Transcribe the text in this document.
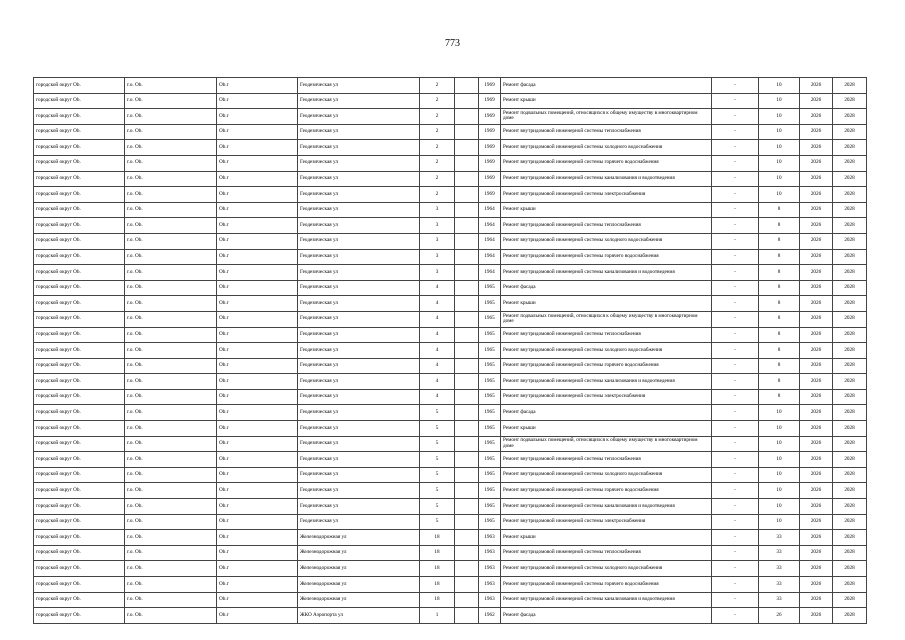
773
городской округ Ob.	г.о. Ob.	Ob.г	Геодезическая ул	2		1969	Ремонт фасада	-	10	2026	2028
городской округ Ob.	г.о. Ob.	Ob.г	Геодезическая ул	2		1969	Ремонт крыши	-	10	2026	2028
городской округ Ob.	г.о. Ob.	Ob.г	Геодезическая ул	2		1969	Ремонт подвальных помещений, относящихся к общему имуществу в многоквартирном доме	-	10	2026	2028
городской округ Ob.	г.о. Ob.	Ob.г	Геодезическая ул	2		1969	Ремонт внутридомовой инженерной системы теплоснабжения	-	10	2026	2028
городской округ Ob.	г.о. Ob.	Ob.г	Геодезическая ул	2		1969	Ремонт внутридомовой инженерной системы холодного водоснабжения	-	10	2026	2028
городской округ Ob.	г.о. Ob.	Ob.г	Геодезическая ул	2		1969	Ремонт внутридомовой инженерной системы горячего водоснабжения	-	10	2026	2028
городской округ Ob.	г.о. Ob.	Ob.г	Геодезическая ул	2		1969	Ремонт внутридомовой инженерной системы канализования и водоотведения	-	10	2026	2028
городской округ Ob.	г.о. Ob.	Ob.г	Геодезическая ул	2		1969	Ремонт внутридомовой инженерной системы электроснабжения	-	10	2026	2028
городской округ Ob.	г.о. Ob.	Ob.г	Геодезическая ул	3		1964	Ремонт крыши	-	8	2026	2028
городской округ Ob.	г.о. Ob.	Ob.г	Геодезическая ул	3		1964	Ремонт внутридомовой инженерной системы теплоснабжения	-	8	2026	2028
городской округ Ob.	г.о. Ob.	Ob.г	Геодезическая ул	3		1964	Ремонт внутридомовой инженерной системы холодного водоснабжения	-	8	2026	2028
городской округ Ob.	г.о. Ob.	Ob.г	Геодезическая ул	3		1964	Ремонт внутридомовой инженерной системы горячего водоснабжения	-	8	2026	2028
городской округ Ob.	г.о. Ob.	Ob.г	Геодезическая ул	3		1964	Ремонт внутридомовой инженерной системы канализования и водоотведения	-	8	2026	2028
городской округ Ob.	г.о. Ob.	Ob.г	Геодезическая ул	4		1965	Ремонт фасада	-	8	2026	2028
городской округ Ob.	г.о. Ob.	Ob.г	Геодезическая ул	4		1965	Ремонт крыши	-	8	2026	2028
городской округ Ob.	г.о. Ob.	Ob.г	Геодезическая ул	4		1965	Ремонт подвальных помещений, относящихся к общему имуществу в многоквартирном доме	-	8	2026	2028
городской округ Ob.	г.о. Ob.	Ob.г	Геодезическая ул	4		1965	Ремонт внутридомовой инженерной системы теплоснабжения	-	8	2026	2028
городской округ Ob.	г.о. Ob.	Ob.г	Геодезическая ул	4		1965	Ремонт внутридомовой инженерной системы холодного водоснабжения	-	8	2026	2028
городской округ Ob.	г.о. Ob.	Ob.г	Геодезическая ул	4		1965	Ремонт внутридомовой инженерной системы горячего водоснабжения	-	8	2026	2028
городской округ Ob.	г.о. Ob.	Ob.г	Геодезическая ул	4		1965	Ремонт внутридомовой инженерной системы канализования и водоотведения	-	8	2026	2028
городской округ Ob.	г.о. Ob.	Ob.г	Геодезическая ул	4		1965	Ремонт внутридомовой инженерной системы электроснабжения	-	8	2026	2028
городской округ Ob.	г.о. Ob.	Ob.г	Геодезическая ул	5		1965	Ремонт фасада	-	10	2026	2028
городской округ Ob.	г.о. Ob.	Ob.г	Геодезическая ул	5		1965	Ремонт крыши	-	10	2026	2028
городской округ Ob.	г.о. Ob.	Ob.г	Геодезическая ул	5		1965	Ремонт подвальных помещений, относящихся к общему имуществу в многоквартирном доме	-	10	2026	2028
городской округ Ob.	г.о. Ob.	Ob.г	Геодезическая ул	5		1965	Ремонт внутридомовой инженерной системы теплоснабжения	-	10	2026	2028
городской округ Ob.	г.о. Ob.	Ob.г	Геодезическая ул	5		1965	Ремонт внутридомовой инженерной системы холодного водоснабжения	-	10	2026	2028
городской округ Ob.	г.о. Ob.	Ob.г	Геодезическая ул	5		1965	Ремонт внутридомовой инженерной системы горячего водоснабжения	-	10	2026	2028
городской округ Ob.	г.о. Ob.	Ob.г	Геодезическая ул	5		1965	Ремонт внутридомовой инженерной системы канализования и водоотведения	-	10	2026	2028
городской округ Ob.	г.о. Ob.	Ob.г	Геодезическая ул	5		1965	Ремонт внутридомовой инженерной системы электроснабжения	-	10	2026	2028
городской округ Ob.	г.о. Ob.	Ob.г	Железнодорожная ул	18		1963	Ремонт крыши	-	33	2026	2028
городской округ Ob.	г.о. Ob.	Ob.г	Железнодорожная ул	18		1963	Ремонт внутридомовой инженерной системы теплоснабжения	-	33	2026	2028
городской округ Ob.	г.о. Ob.	Ob.г	Железнодорожная ул	18		1963	Ремонт внутридомовой инженерной системы холодного водоснабжения	-	33	2026	2028
городской округ Ob.	г.о. Ob.	Ob.г	Железнодорожная ул	18		1963	Ремонт внутридомовой инженерной системы горячего водоснабжения	-	33	2026	2028
городской округ Ob.	г.о. Ob.	Ob.г	Железнодорожная ул	18		1963	Ремонт внутридомовой инженерной системы канализования и водоотведения	-	33	2026	2028
городской округ Ob.	г.о. Ob.	Ob.г	ЖКО Аэропорта ул	1		1962	Ремонт фасада	-	26	2026	2028
